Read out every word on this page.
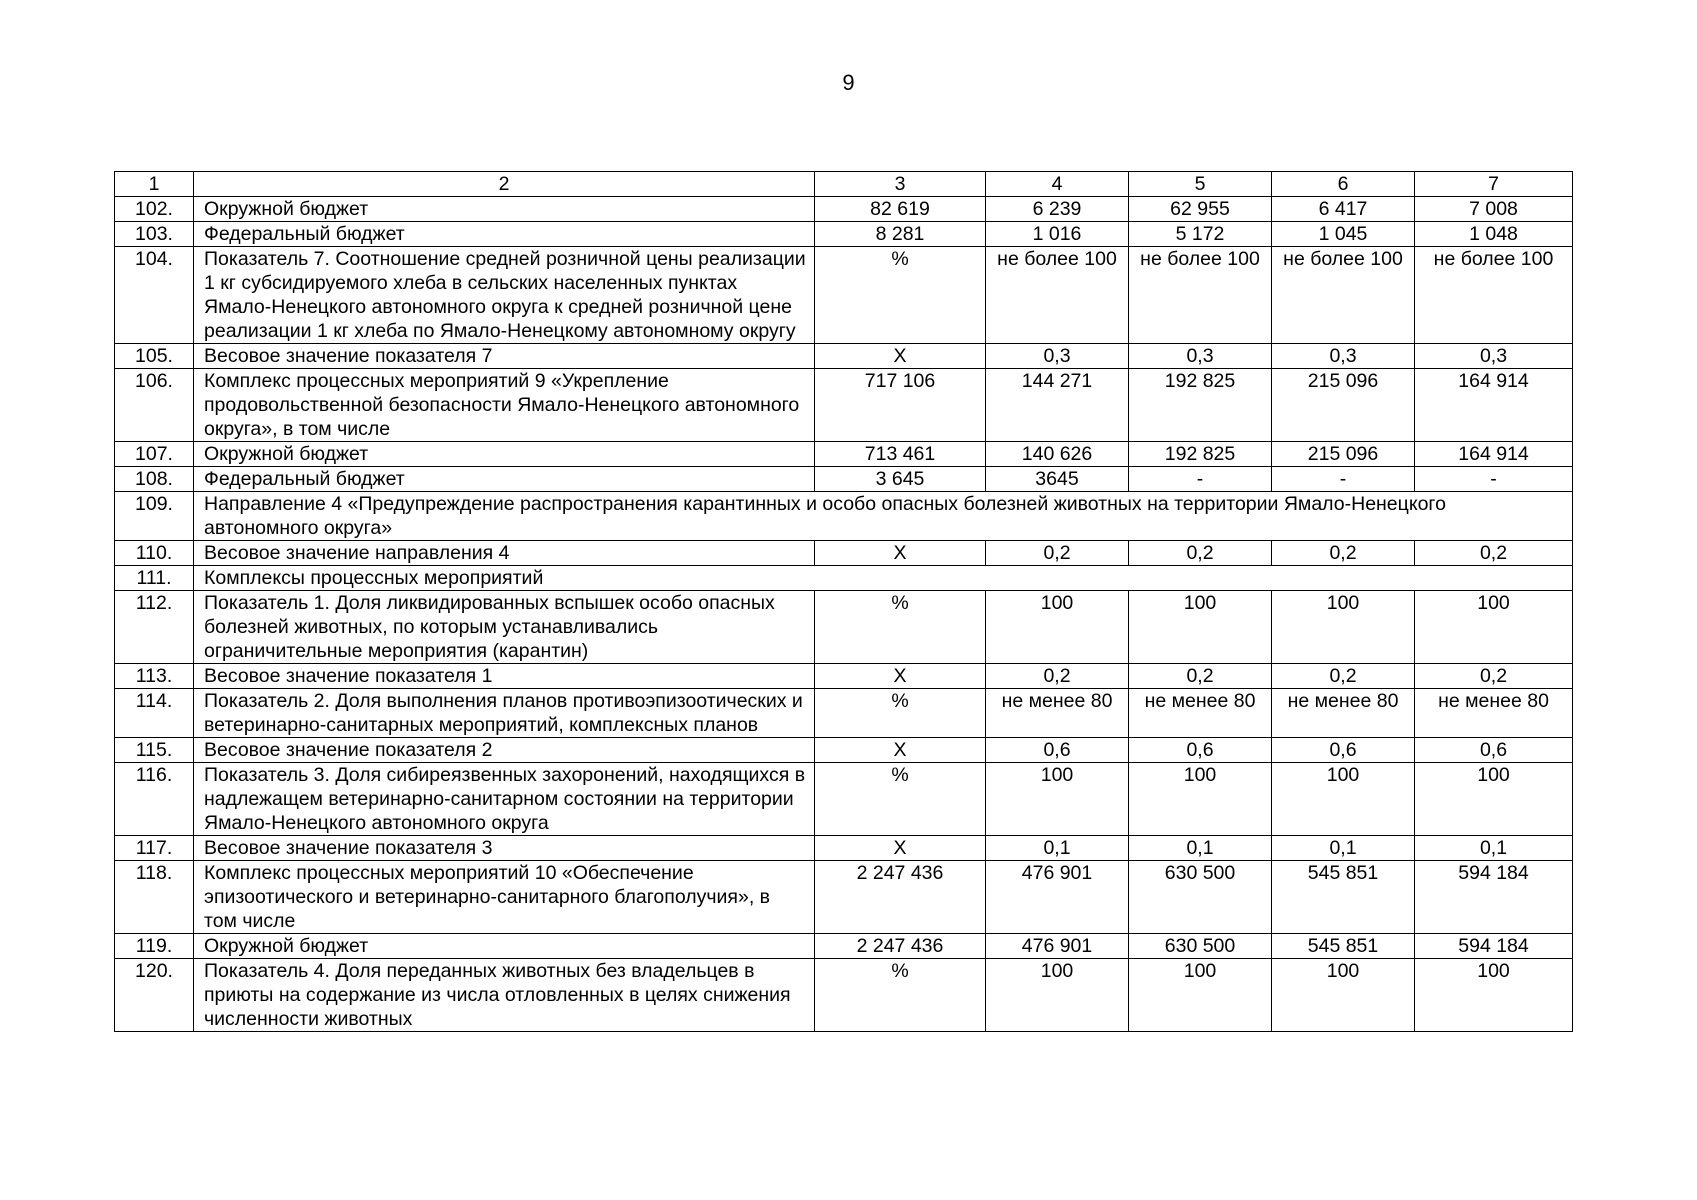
9
1	2	3	4	5	6	7
102.	Окружной бюджет	82 619	6 239	62 955	6 417	7 008
103.	Федеральный бюджет	8 281	1 016	5 172	1 045	1 048
104.	Показатель 7. Соотношение средней розничной цены реализации 1 кг субсидируемого хлеба в сельских населенных пунктах Ямало-Ненецкого автономного округа к средней розничной цене реализации 1 кг хлеба по Ямало-Ненецкому автономному округу	%	не более 100	не более 100	не более 100	не более 100
105.	Весовое значение показателя 7	Х	0,3	0,3	0,3	0,3
106.	Комплекс процессных мероприятий 9 «Укрепление продовольственной безопасности Ямало-Ненецкого автономного округа», в том числе	717 106	144 271	192 825	215 096	164 914
107.	Окружной бюджет	713 461	140 626	192 825	215 096	164 914
108.	Федеральный бюджет	3 645	3645	-	-	-
109.	Направление 4 «Предупреждение распространения карантинных и особо опасных болезней животных на территории Ямало-Ненецкого автономного округа»					
110.	Весовое значение направления 4	Х	0,2	0,2	0,2	0,2
111.	Комплексы процессных мероприятий					
112.	Показатель 1. Доля ликвидированных вспышек особо опасных болезней животных, по которым устанавливались ограничительные мероприятия (карантин)	%	100	100	100	100
113.	Весовое значение показателя 1	Х	0,2	0,2	0,2	0,2
114.	Показатель 2. Доля выполнения планов противоэпизоотических и ветеринарно-санитарных мероприятий, комплексных планов	%	не менее 80	не менее 80	не менее 80	не менее 80
115.	Весовое значение показателя 2	Х	0,6	0,6	0,6	0,6
116.	Показатель 3. Доля сибиреязвенных захоронений, находящихся в надлежащем ветеринарно-санитарном состоянии на территории Ямало-Ненецкого автономного округа	%	100	100	100	100
117.	Весовое значение показателя 3	Х	0,1	0,1	0,1	0,1
118.	Комплекс процессных мероприятий 10 «Обеспечение эпизоотического и ветеринарно-санитарного благополучия», в том числе	2 247 436	476 901	630 500	545 851	594 184
119.	Окружной бюджет	2 247 436	476 901	630 500	545 851	594 184
120.	Показатель 4. Доля переданных животных без владельцев в приюты на содержание из числа отловленных в целях снижения численности животных	%	100	100	100	100
